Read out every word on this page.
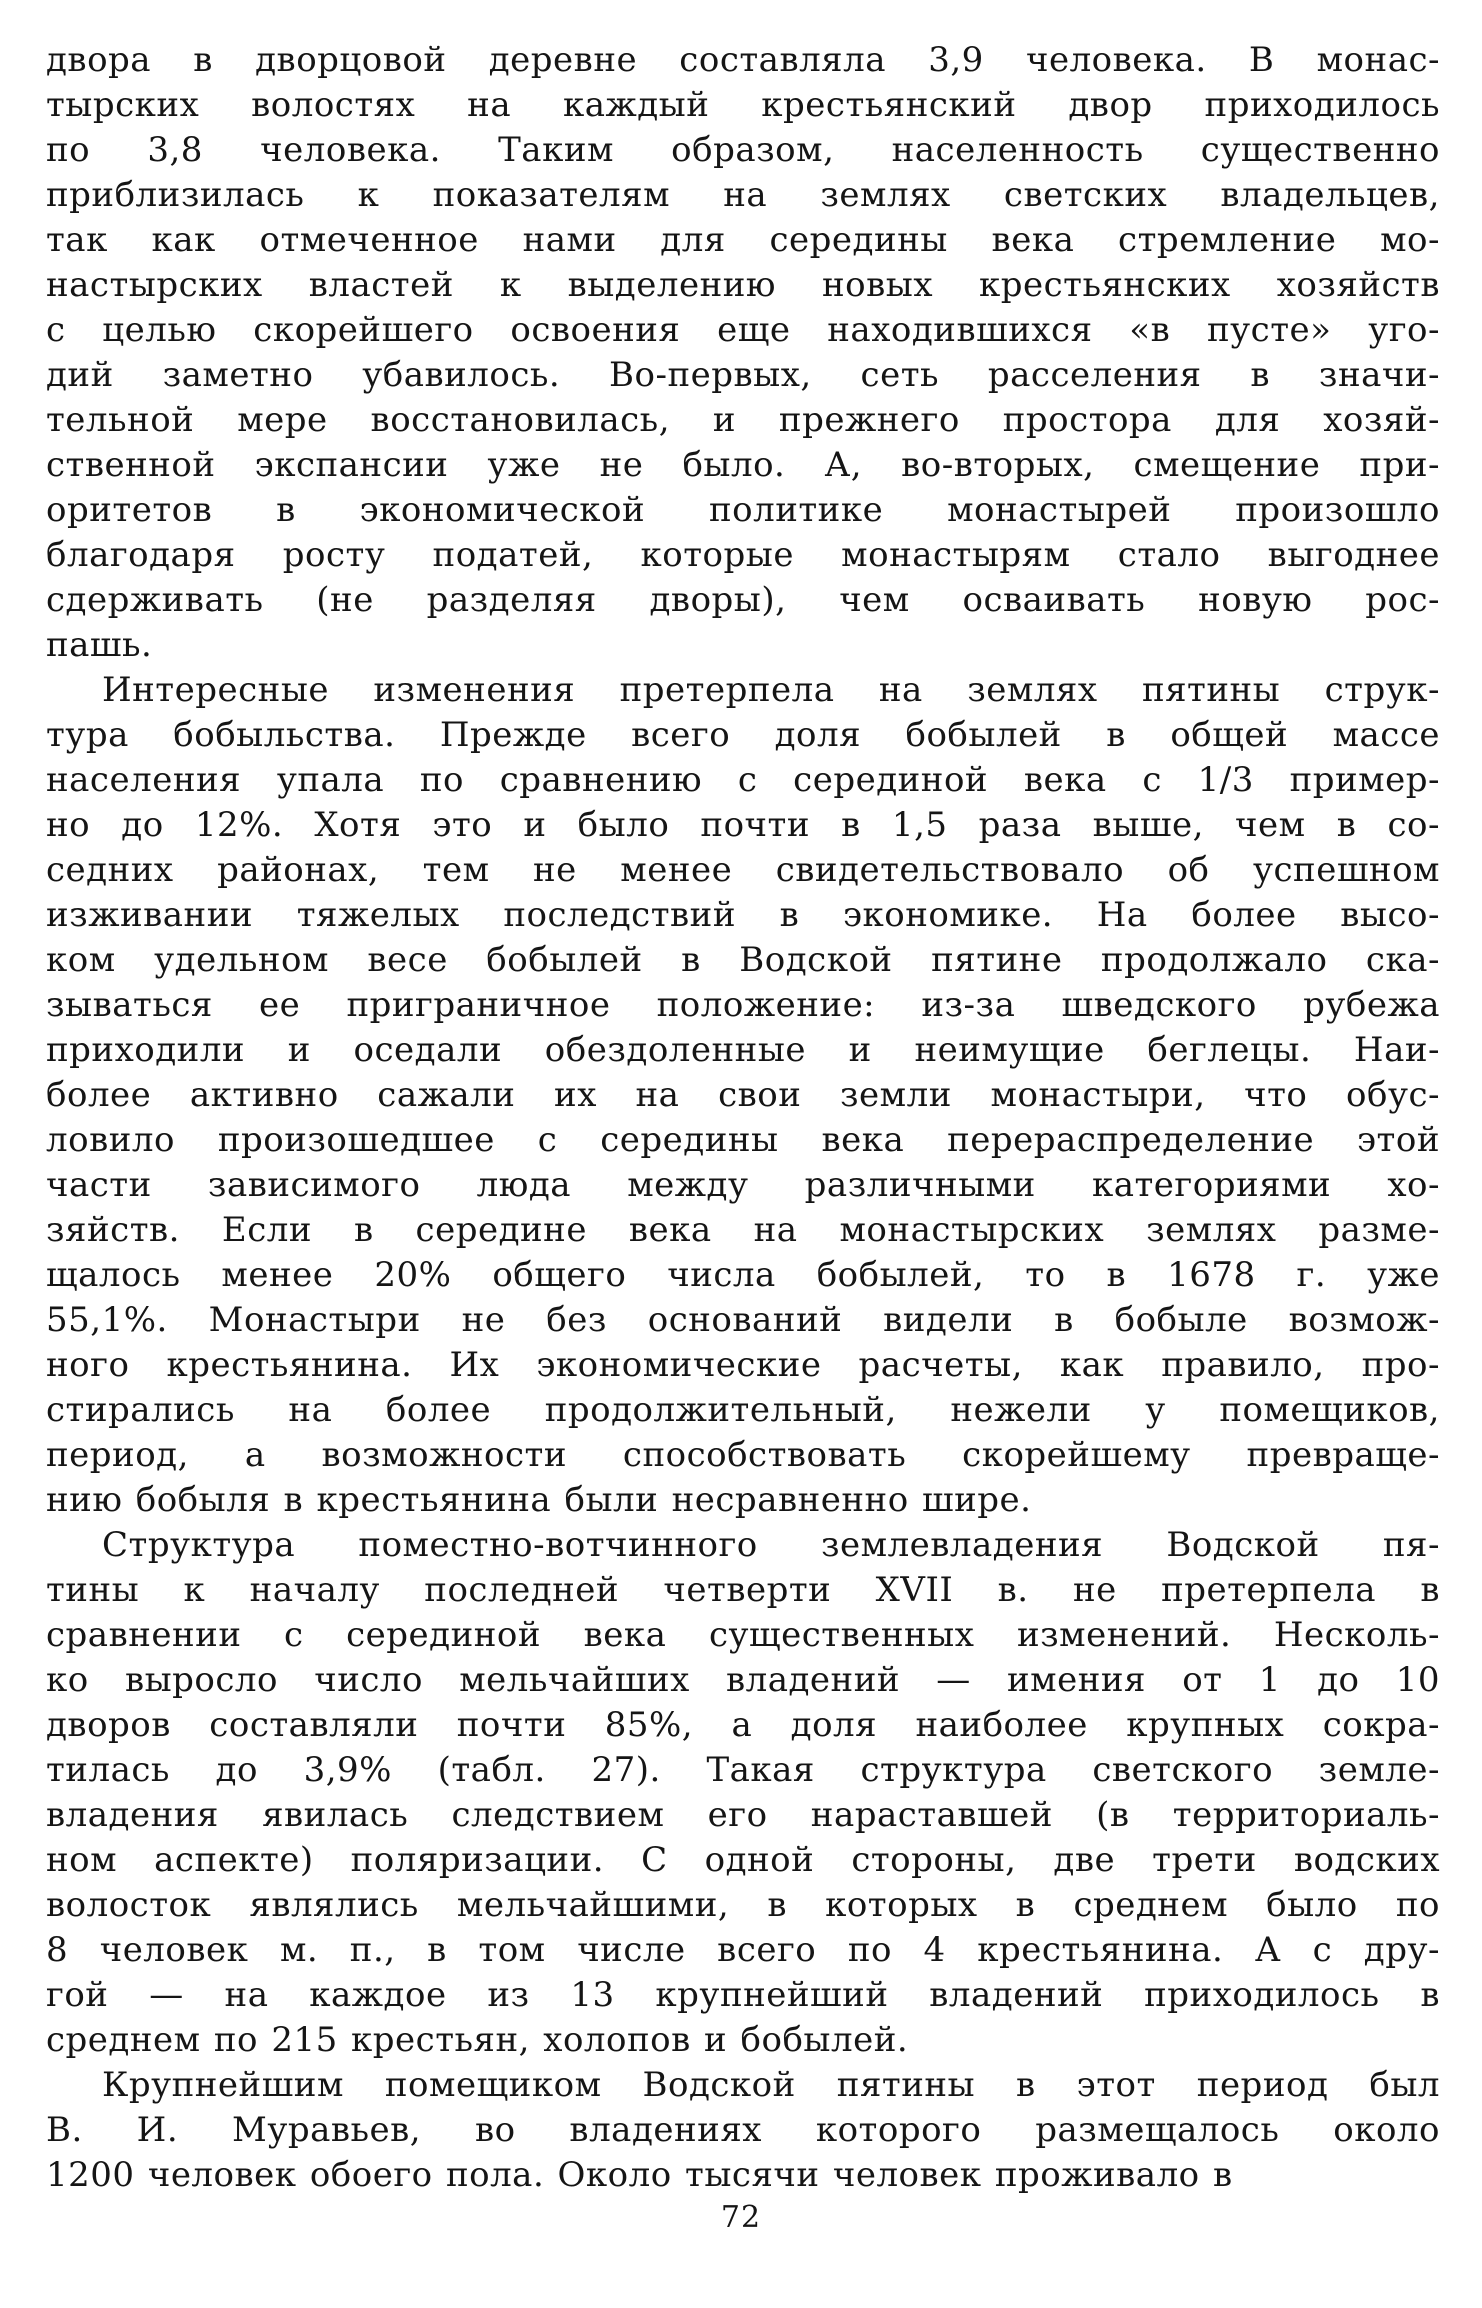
двора в дворцовой деревне составляла 3,9 человека. В монас-
тырских волостях на каждый крестьянский двор приходилось
по 3,8 человека. Таким образом, населенность существенно
приблизилась к показателям на землях светских владельцев,
так как отмеченное нами для середины века стремление мо-
настырских властей к выделению новых крестьянских хозяйств
с целью скорейшего освоения еще находившихся «в пусте» уго-
дий заметно убавилось. Во-первых, сеть расселения в значи-
тельной мере восстановилась, и прежнего простора для хозяй-
ственной экспансии уже не было. А, во-вторых, смещение при-
оритетов в экономической политике монастырей произошло
благодаря росту податей, которые монастырям стало выгоднее
сдерживать (не разделяя дворы), чем осваивать новую рос-
пашь.
Интересные изменения претерпела на землях пятины струк-
тура бобыльства. Прежде всего доля бобылей в общей массе
населения упала по сравнению с серединой века с 1/3 пример-
но до 12%. Хотя это и было почти в 1,5 раза выше, чем в со-
седних районах, тем не менее свидетельствовало об успешном
изживании тяжелых последствий в экономике. На более высо-
ком удельном весе бобылей в Водской пятине продолжало ска-
зываться ее приграничное положение: из-за шведского рубежа
приходили и оседали обездоленные и неимущие беглецы. Наи-
более активно сажали их на свои земли монастыри, что обус-
ловило произошедшее с середины века перераспределение этой
части зависимого люда между различными категориями хо-
зяйств. Если в середине века на монастырских землях разме-
щалось менее 20% общего числа бобылей, то в 1678 г. уже
55,1%. Монастыри не без оснований видели в бобыле возмож-
ного крестьянина. Их экономические расчеты, как правило, про-
стирались на более продолжительный, нежели у помещиков,
период, а возможности способствовать скорейшему превраще-
нию бобыля в крестьянина были несравненно шире.
Структура поместно-вотчинного землевладения Водской пя-
тины к началу последней четверти XVII в. не претерпела в
сравнении с серединой века существенных изменений. Несколь-
ко выросло число мельчайших владений — имения от 1 до 10
дворов составляли почти 85%, а доля наиболее крупных сокра-
тилась до 3,9% (табл. 27). Такая структура светского земле-
владения явилась следствием его нараставшей (в территориаль-
ном аспекте) поляризации. С одной стороны, две трети водских
волосток являлись мельчайшими, в которых в среднем было по
8 человек м. п., в том числе всего по 4 крестьянина. А с дру-
гой — на каждое из 13 крупнейший владений приходилось в
среднем по 215 крестьян, холопов и бобылей.
Крупнейшим помещиком Водской пятины в этот период был
В. И. Муравьев, во владениях которого размещалось около
1200 человек обоего пола. Около тысячи человек проживало в
72
